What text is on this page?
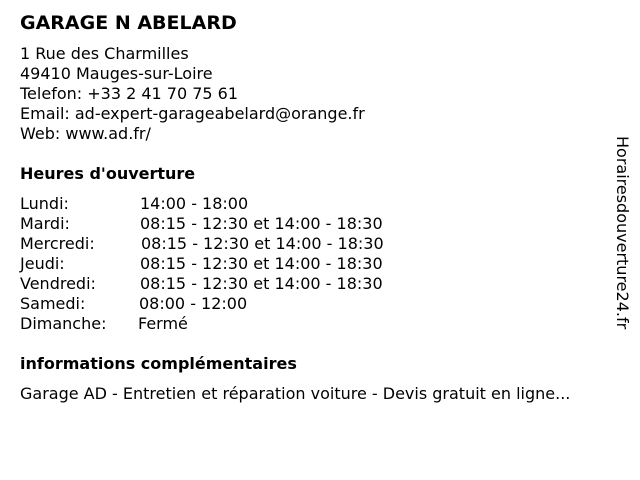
GARAGE N ABELARD
1 Rue des Charmilles
49410 Mauges-sur-Loire
Telefon: +33 2 41 70 75 61
Email: ad-expert-garageabelard@orange.fr
Web: www.ad.fr/
Heures d'ouverture
Lundi:	14:00 - 18:00
Mardi:	08:15 - 12:30 et 14:00 - 18:30
Mercredi:	08:15 - 12:30 et 14:00 - 18:30
Jeudi:	08:15 - 12:30 et 14:00 - 18:30
Vendredi:	08:15 - 12:30 et 14:00 - 18:30
Samedi:	08:00 - 12:00
Dimanche: Fermé
informations complémentaires
Garage AD - Entretien et réparation voiture - Devis gratuit en ligne...
Horairesdouverture24.fr
